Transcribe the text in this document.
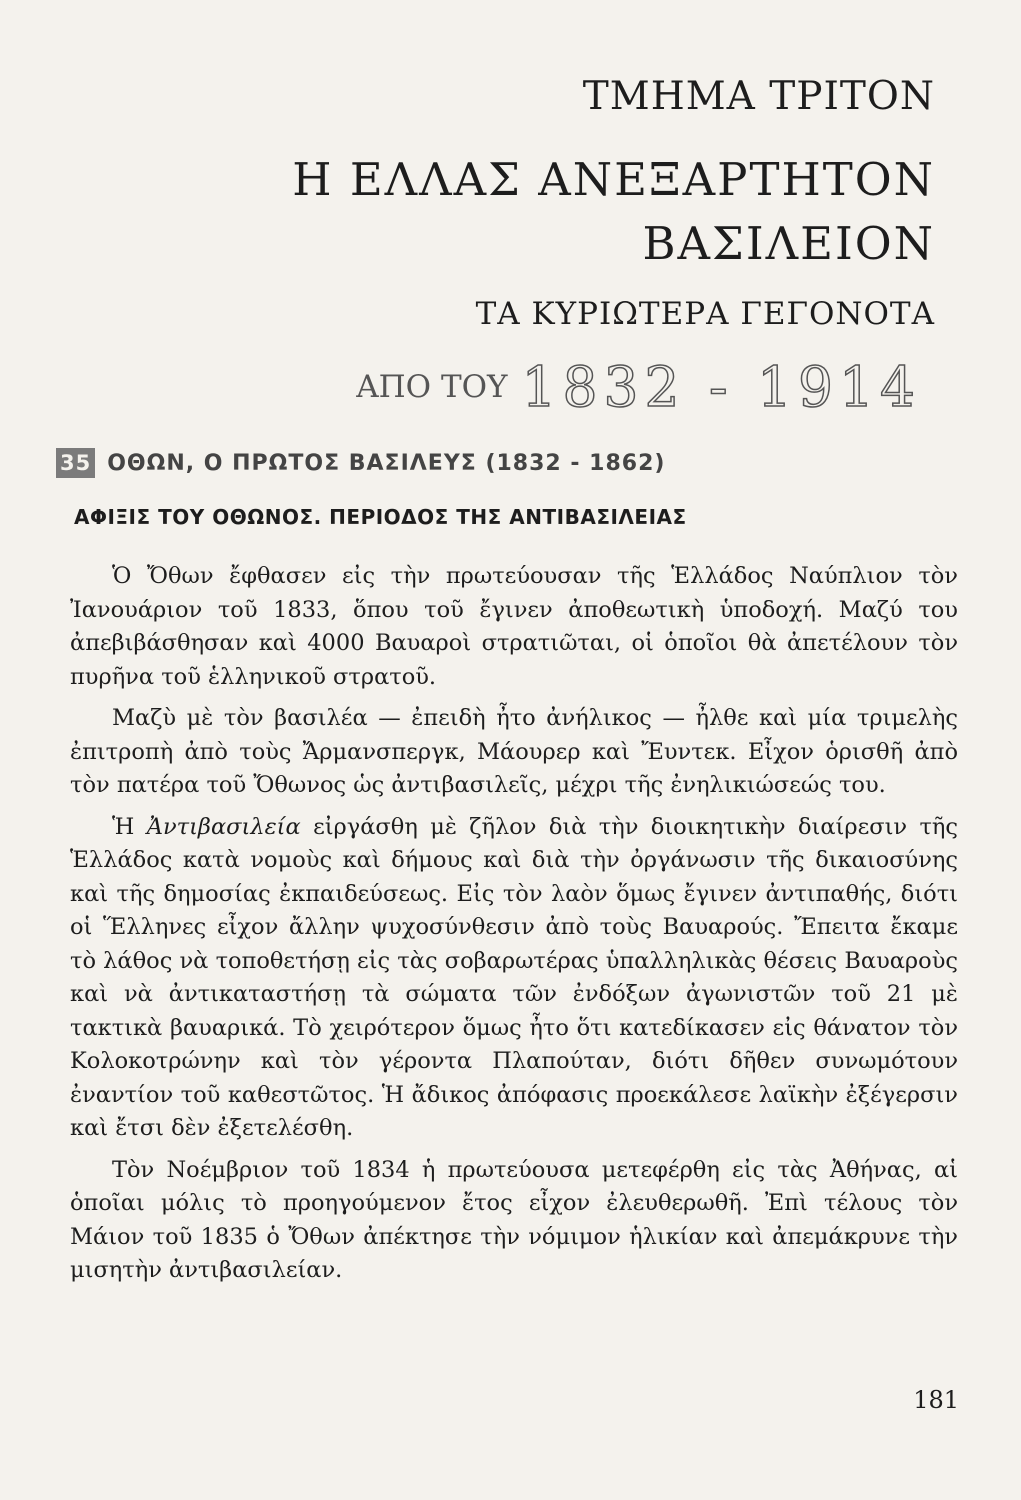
ΤΜΗΜΑ ΤΡΙΤΟΝ
Η ΕΛΛΑΣ ΑΝΕΞΑΡΤΗΤΟΝ
ΒΑΣΙΛΕΙΟΝ
ΤΑ ΚΥΡΙΩΤΕΡΑ ΓΕΓΟΝΟΤΑ
ΑΠΟ ΤΟΥ 1832 - 1914
35 ΟΘΩΝ, Ο ΠΡΩΤΟΣ ΒΑΣΙΛΕΥΣ (1832 - 1862)
ΑΦΙΞΙΣ ΤΟΥ ΟΘΩΝΟΣ. ΠΕΡΙΟΔΟΣ ΤΗΣ ΑΝΤΙΒΑΣΙΛΕΙΑΣ

Ὁ Ὄθων ἔφθασεν εἰς τὴν πρωτεύουσαν τῆς Ἑλλάδος Ναύπλιον τὸν Ἰανουάριον τοῦ 1833, ὅπου τοῦ ἔγινεν ἀποθεωτικὴ ὑποδοχή. Μαζύ του ἀπεβιβάσθησαν καὶ 4000 Βαυαροὶ στρατιῶται, οἱ ὁποῖοι θὰ ἀπετέλουν τὸν πυρῆνα τοῦ ἑλληνικοῦ στρατοῦ.

Μαζὺ μὲ τὸν βασιλέα — ἐπειδὴ ἦτο ἀνήλικος — ἦλθε καὶ μία τριμελὴς ἐπιτροπὴ ἀπὸ τοὺς Ἄρμανσπεργκ, Μάουρερ καὶ Ἔυντεκ. Εἶχον ὁρισθῆ ἀπὸ τὸν πατέρα τοῦ Ὄθωνος ὡς ἀντιβασιλεῖς, μέχρι τῆς ἐνηλικιώσεώς του.

Ἡ Ἀντιβασιλεία εἰργάσθη μὲ ζῆλον διὰ τὴν διοικητικὴν διαίρεσιν τῆς Ἑλλάδος κατὰ νομοὺς καὶ δήμους καὶ διὰ τὴν ὀργάνωσιν τῆς δικαιοσύνης καὶ τῆς δημοσίας ἐκπαιδεύσεως. Εἰς τὸν λαὸν ὅμως ἔγινεν ἀντιπαθής, διότι οἱ Ἕλληνες εἶχον ἄλλην ψυχοσύνθεσιν ἀπὸ τοὺς Βαυαρούς. Ἔπειτα ἔκαμε τὸ λάθος νὰ τοποθετήσῃ εἰς τὰς σοβαρωτέρας ὑπαλληλικὰς θέσεις Βαυαροὺς καὶ νὰ ἀντικαταστήσῃ τὰ σώματα τῶν ἐνδόξων ἀγωνιστῶν τοῦ 21 μὲ τακτικὰ βαυαρικά. Τὸ χειρότερον ὅμως ἦτο ὅτι κατεδίκασεν εἰς θάνατον τὸν Κολοκοτρώνην καὶ τὸν γέροντα Πλαπούταν, διότι δῆθεν συνωμότουν ἐναντίον τοῦ καθεστῶτος. Ἡ ἄδικος ἀπόφασις προεκάλεσε λαϊκὴν ἐξέγερσιν καὶ ἔτσι δὲν ἐξετελέσθη.

Τὸν Νοέμβριον τοῦ 1834 ἡ πρωτεύουσα μετεφέρθη εἰς τὰς Ἀθήνας, αἱ ὁποῖαι μόλις τὸ προηγούμενον ἔτος εἶχον ἐλευθερωθῆ. Ἐπὶ τέλους τὸν Μάιον τοῦ 1835 ὁ Ὄθων ἀπέκτησε τὴν νόμιμον ἡλικίαν καὶ ἀπεμάκρυνε τὴν μισητὴν ἀντιβασιλείαν.

181
